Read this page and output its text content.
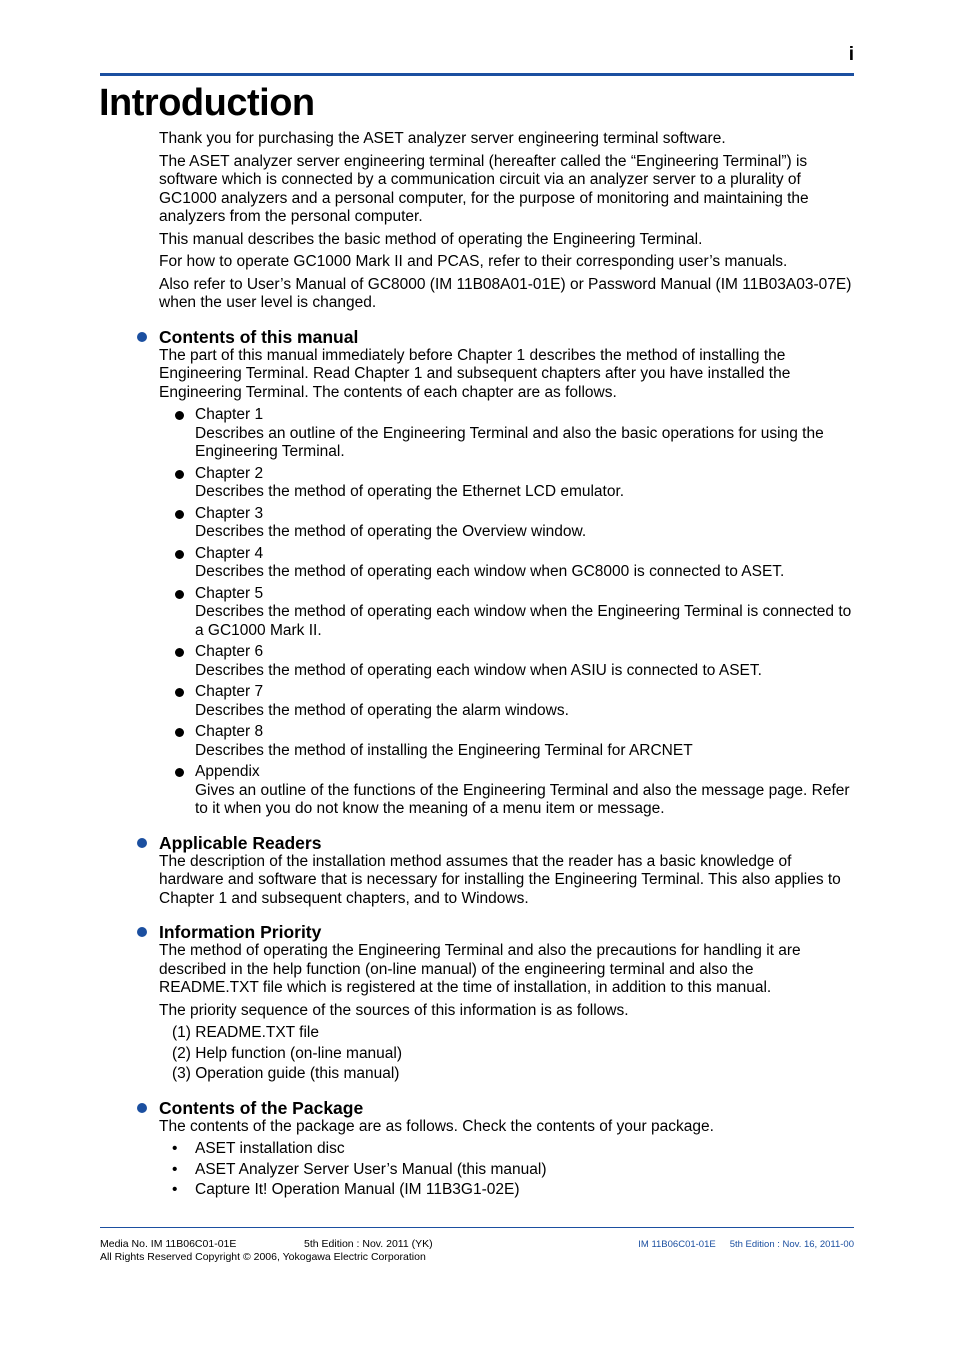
i
Introduction

Thank you for purchasing the ASET analyzer server engineering terminal software.

The ASET analyzer server engineering terminal (hereafter called the “Engineering Terminal”) is software which is connected by a communication circuit via an analyzer server to a plurality of GC1000 analyzers and a personal computer, for the purpose of monitoring and maintaining the analyzers from the personal computer.

This manual describes the basic method of operating the Engineering Terminal.

For how to operate GC1000 Mark II and PCAS, refer to their corresponding user’s manuals.

Also refer to User’s Manual of GC8000 (IM 11B08A01-01E) or Password Manual (IM 11B03A03-07E) when the user level is changed.

Contents of this manual

The part of this manual immediately before Chapter 1 describes the method of installing the Engineering Terminal. Read Chapter 1 and subsequent chapters after you have installed the Engineering Terminal. The contents of each chapter are as follows.

Chapter 1
Describes an outline of the Engineering Terminal and also the basic operations for using the Engineering Terminal.
Chapter 2
Describes the method of operating the Ethernet LCD emulator.
Chapter 3
Describes the method of operating the Overview window.
Chapter 4
Describes the method of operating each window when GC8000 is connected to ASET.
Chapter 5
Describes the method of operating each window when the Engineering Terminal is connected to a GC1000 Mark II.
Chapter 6
Describes the method of operating each window when ASIU is connected to ASET.
Chapter 7
Describes the method of operating the alarm windows.
Chapter 8
Describes the method of installing the Engineering Terminal for ARCNET
Appendix
Gives an outline of the functions of the Engineering Terminal and also the message page. Refer to it when you do not know the meaning of a menu item or message.
Applicable Readers

The description of the installation method assumes that the reader has a basic knowledge of hardware and software that is necessary for installing the Engineering Terminal. This also applies to Chapter 1 and subsequent chapters, and to Windows.

Information Priority

The method of operating the Engineering Terminal and also the precautions for handling it are described in the help function (on-line manual) of the engineering terminal and also the README.TXT file which is registered at the time of installation, in addition to this manual.

The priority sequence of the sources of this information is as follows.

(1) README.TXT file
(2) Help function (on-line manual)
(3) Operation guide (this manual)
Contents of the Package

The contents of the package are as follows. Check the contents of your package.

• ASET installation disc
• ASET Analyzer Server User’s Manual (this manual)
• Capture It! Operation Manual (IM 11B3G1-02E)
Media No. IM 11B06C01-01E
All Rights Reserved Copyright © 2006, Yokogawa Electric Corporation
5th Edition : Nov. 2011 (YK)	IM 11B06C01-01E 5th Edition : Nov. 16, 2011-00
